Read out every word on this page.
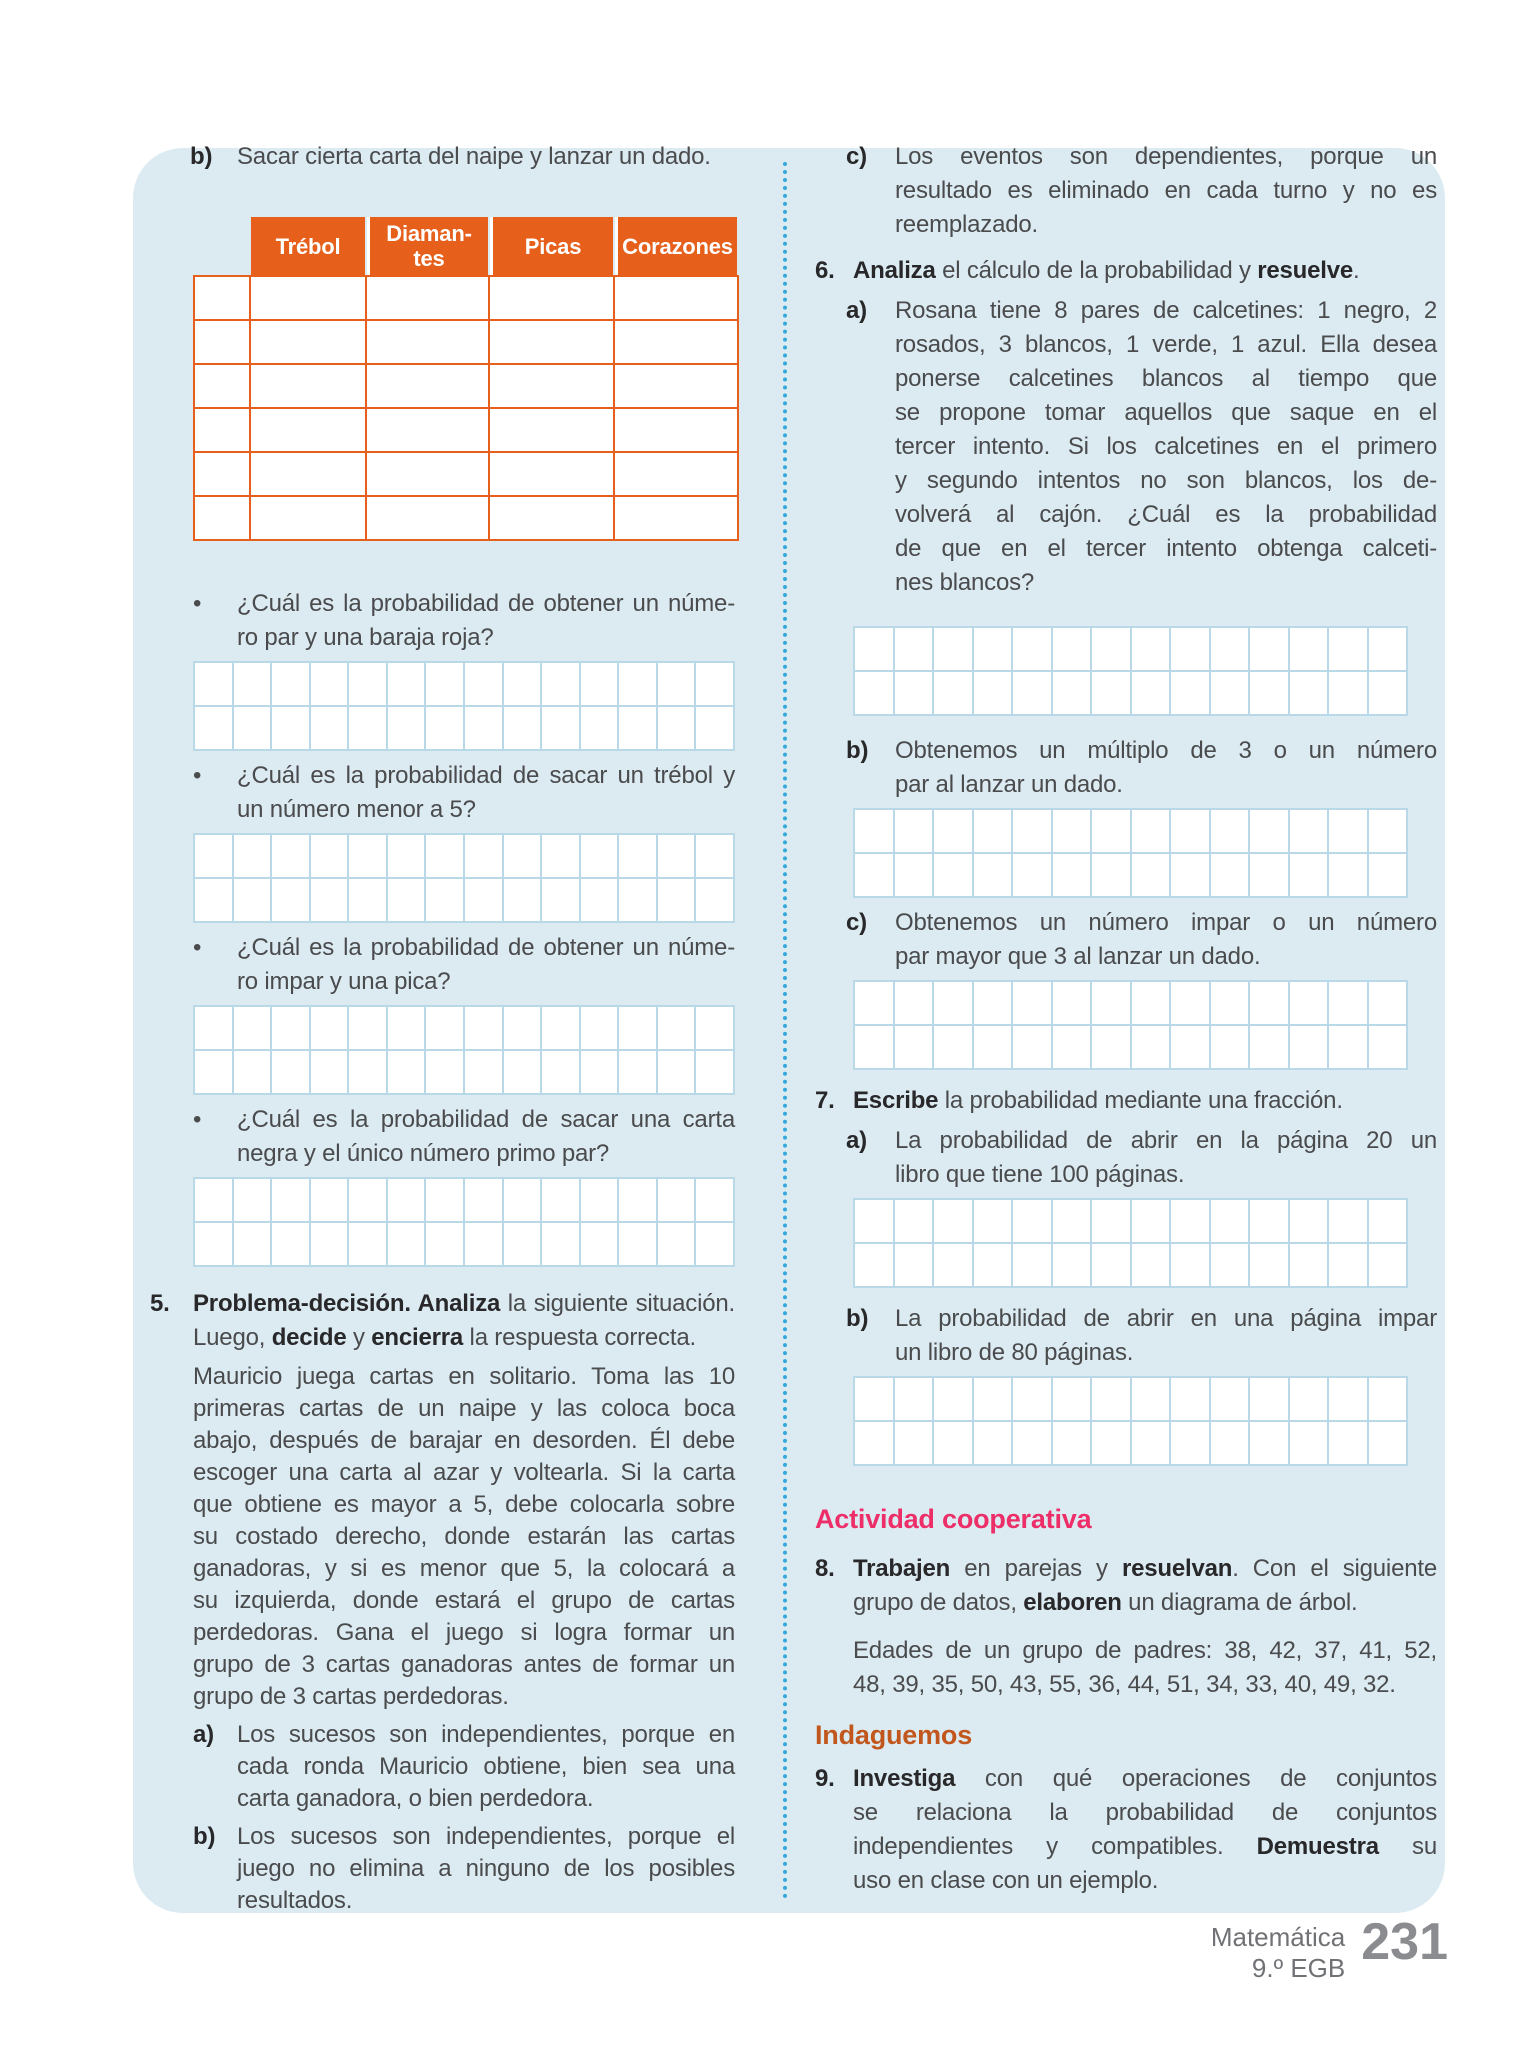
b)	Sacar cierta carta del naipe y lanzar un dado.
Trébol	Diaman-tes	Picas	Corazones
•	¿Cuál es la probabilidad de obtener un núme-
ro par y una baraja roja?
•	¿Cuál es la probabilidad de sacar un trébol y
un número menor a 5?
•	¿Cuál es la probabilidad de obtener un núme-
ro impar y una pica?
•	¿Cuál es la probabilidad de sacar una carta
negra y el único número primo par?
5. Problema-decisión. Analiza la siguiente situación.
Luego, decide y encierra la respuesta correcta.
Mauricio juega cartas en solitario. Toma las 10
primeras cartas de un naipe y las coloca boca
abajo, después de barajar en desorden. Él debe
escoger una carta al azar y voltearla. Si la carta
que obtiene es mayor a 5, debe colocarla sobre
su costado derecho, donde estarán las cartas
ganadoras, y si es menor que 5, la colocará a
su izquierda, donde estará el grupo de cartas
perdedoras. Gana el juego si logra formar un
grupo de 3 cartas ganadoras antes de formar un
grupo de 3 cartas perdedoras.
a) Los sucesos son independientes, porque en
cada ronda Mauricio obtiene, bien sea una
carta ganadora, o bien perdedora.
b) Los sucesos son independientes, porque el
juego no elimina a ninguno de los posibles
resultados.
c)	Los eventos son dependientes, porque un
resultado es eliminado en cada turno y no es
reemplazado.
6. Analiza el cálculo de la probabilidad y resuelve.
a)	Rosana tiene 8 pares de calcetines: 1 negro, 2
rosados, 3 blancos, 1 verde, 1 azul. Ella desea
ponerse calcetines blancos al tiempo que
se propone tomar aquellos que saque en el
tercer intento. Si los calcetines en el primero
y segundo intentos no son blancos, los de-
volverá al cajón. ¿Cuál es la probabilidad
de que en el tercer intento obtenga calceti-
nes blancos?
b)	Obtenemos un múltiplo de 3 o un número
par al lanzar un dado.
c)	Obtenemos un número impar o un número
par mayor que 3 al lanzar un dado.
7. Escribe la probabilidad mediante una fracción.
a)	La probabilidad de abrir en la página 20 un
libro que tiene 100 páginas.
b)	La probabilidad de abrir en una página impar
un libro de 80 páginas.
Actividad cooperativa
8. Trabajen en parejas y resuelvan. Con el siguiente
grupo de datos, elaboren un diagrama de árbol.
Edades de un grupo de padres: 38, 42, 37, 41, 52,
48, 39, 35, 50, 43, 55, 36, 44, 51, 34, 33, 40, 49, 32.
Indaguemos
9. Investiga con qué operaciones de conjuntos
se relaciona la probabilidad de conjuntos
independientes y compatibles. Demuestra su
uso en clase con un ejemplo.
Matemática
9.º EGB 231
